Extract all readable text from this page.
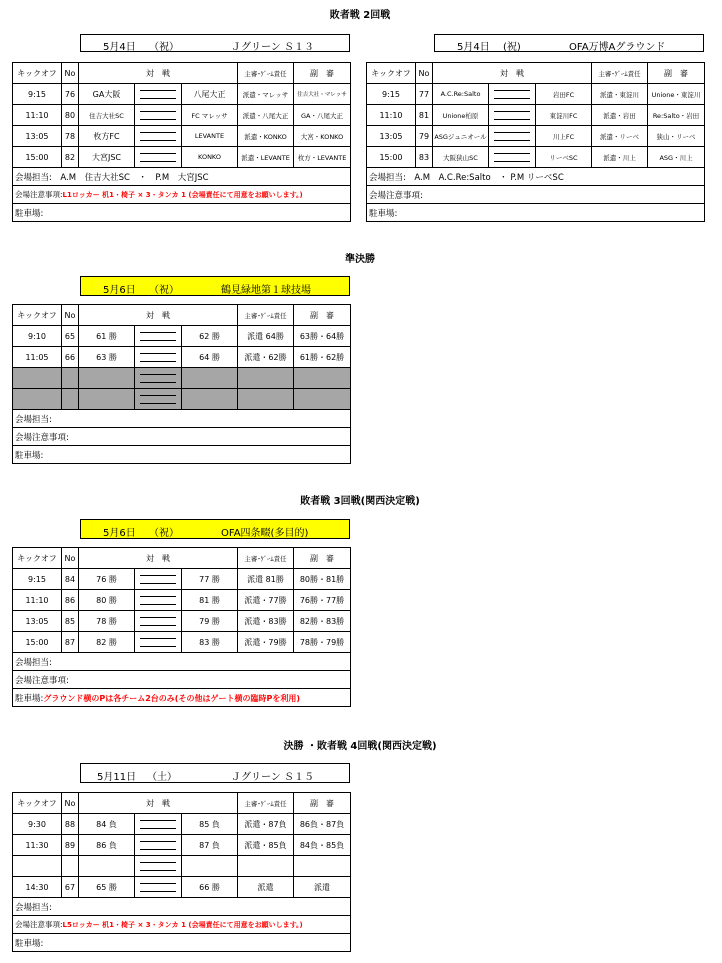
敗者戦 2回戦
5月4日 （祝）	Ｊグリーン Ｓ１３	5月4日 (祝)	OFA万博Aグラウンド
キックオフ	No	対　戦			主審･ｹﾞｰﾑ責任	副　審
9:15	76	GA大阪		八尾大正	派遣・マレッサ	住吉大社・マレッサ
11:10	80	住吉大社SC		FC マレッサ	派遣・八尾大正	GA・八尾大正
13:05	78	枚方FC		LEVANTE	派遣・KONKO	大宮・KONKO
15:00	82	大宮JSC		KONKO	派遣・LEVANTE	枚方・LEVANTE
会場担当:　A.M　住吉大社SC　・　P.M　大宮JSC						
会場注意事項:L1ロッカー 机1・椅子 × 3・タンカ 1 (会場責任にて用意をお願いします。)						
駐車場:						
キックオフ	No	対　戦			主審･ｹﾞｰﾑ責任	副　審
9:15	77	A.C.Re:Salto		岩田FC	派遣・東淀川	Unione・東淀川
11:10	81	Unione柏原		東淀川FC	派遣・岩田	Re:Salto・岩田
13:05	79	ASGジュニオール		川上FC	派遣・リーベ	狭山・リーベ
15:00	83	大阪狭山SC		リーベSC	派遣・川上	ASG・川上
会場担当:　A.M　A.C.Re:Salto　・ P.M リーベSC						
会場注意事項:						
駐車場:						
準決勝
5月6日 （祝）	鶴見緑地第１球技場
キックオフ	No	対　戦			主審･ｹﾞｰﾑ責任	副　審
9:10	65	61 勝		62 勝	派遣 64勝	63勝・64勝
11:05	66	63 勝		64 勝	派遣・62勝	61勝・62勝

会場担当:						
会場注意事項:						
駐車場:						
敗者戦 3回戦(関西決定戦)
5月6日 （祝）	OFA四条畷(多目的)
キックオフ	No	対　戦			主審･ｹﾞｰﾑ責任	副　審
9:15	84	76 勝		77 勝	派遣 81勝	80勝・81勝
11:10	86	80 勝		81 勝	派遣・77勝	76勝・77勝
13:05	85	78 勝		79 勝	派遣・83勝	82勝・83勝
15:00	87	82 勝		83 勝	派遣・79勝	78勝・79勝
会場担当:						
会場注意事項:						
駐車場:グラウンド横のPは各チーム2台のみ(その他はゲート横の臨時Pを利用)						
決勝 ・敗者戦 4回戦(関西決定戦)
5月11日 （土）	Ｊグリーン Ｓ１５
キックオフ	No	対　戦			主審･ｹﾞｰﾑ責任	副　審
9:30	88	84 負		85 負	派遣・87負	86負・87負
11:30	89	86 負		87 負	派遣・85負	84負・85負

14:30	67	65 勝		66 勝	派遣	派遣
会場担当:						
会場注意事項:L5ロッカー 机1・椅子 × 3・タンカ 1 (会場責任にて用意をお願いします。)						
駐車場:						
